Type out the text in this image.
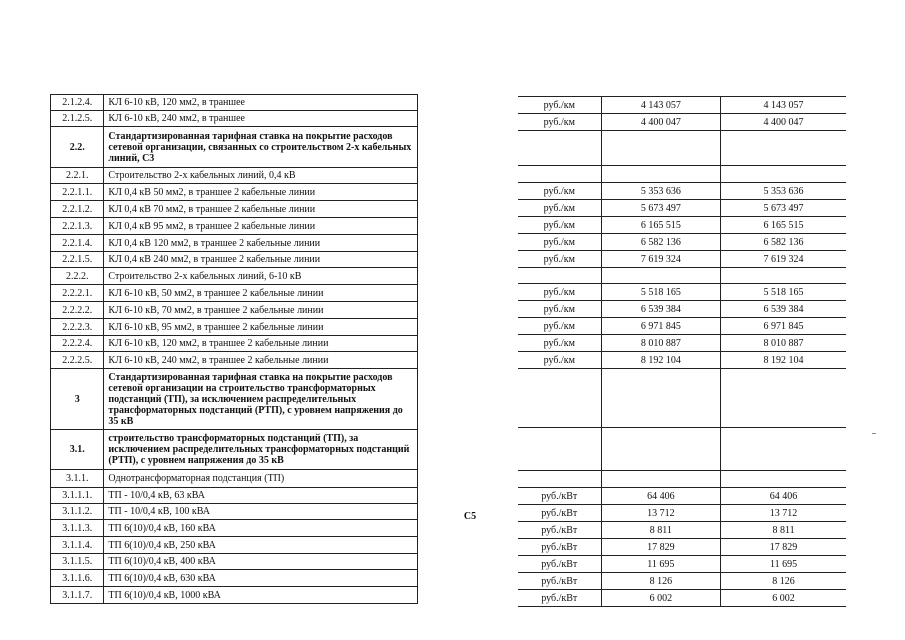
2.1.2.4.	КЛ 6-10 кВ, 120 мм2, в траншее
2.1.2.5.	КЛ 6-10 кВ, 240 мм2, в траншее
2.2.	Стандартизированная тарифная ставка на покрытие расходов сетевой организации, связанных со строительством 2-х кабельных линий, С3
2.2.1.	Строительство 2-х кабельных линий, 0,4 кВ
2.2.1.1.	КЛ 0,4 кВ 50 мм2, в траншее 2 кабельные линии
2.2.1.2.	КЛ 0,4 кВ 70 мм2, в траншее 2 кабельные линии
2.2.1.3.	КЛ 0,4 кВ 95 мм2, в траншее 2 кабельные линии
2.2.1.4.	КЛ 0,4 кВ 120 мм2, в траншее 2 кабельные линии
2.2.1.5.	КЛ 0,4 кВ 240 мм2, в траншее 2 кабельные линии
2.2.2.	Строительство 2-х кабельных линий, 6-10 кВ
2.2.2.1.	КЛ 6-10 кВ, 50 мм2, в траншее 2 кабельные линии
2.2.2.2.	КЛ 6-10 кВ, 70 мм2, в траншее 2 кабельные линии
2.2.2.3.	КЛ 6-10 кВ, 95 мм2, в траншее 2 кабельные линии
2.2.2.4.	КЛ 6-10 кВ, 120 мм2, в траншее 2 кабельные линии
2.2.2.5.	КЛ 6-10 кВ, 240 мм2, в траншее 2 кабельные линии
3	Стандартизированная тарифная ставка на покрытие расходов сетевой организации на строительство трансформаторных подстанций (ТП), за исключением распределительных трансформаторных подстанций (РТП), с уровнем напряжения до 35 кВ
3.1.	строительство трансформаторных подстанций (ТП), за исключением распределительных трансформаторных подстанций (РТП), с уровнем напряжения до 35 кВ
3.1.1.	Однотрансформаторная подстанция (ТП)
3.1.1.1.	ТП - 10/0,4 кВ, 63 кВА
3.1.1.2.	ТП - 10/0,4 кВ, 100 кВА
3.1.1.3.	ТП 6(10)/0,4 кВ, 160 кВА
3.1.1.4.	ТП 6(10)/0,4 кВ, 250 кВА
3.1.1.5.	ТП 6(10)/0,4 кВ, 400 кВА
3.1.1.6.	ТП 6(10)/0,4 кВ, 630 кВА
3.1.1.7.	ТП 6(10)/0,4 кВ, 1000 кВА
С5
руб./км	4 143 057	4 143 057
руб./км	4 400 047	4 400 047

руб./км	5 353 636	5 353 636
руб./км	5 673 497	5 673 497
руб./км	6 165 515	6 165 515
руб./км	6 582 136	6 582 136
руб./км	7 619 324	7 619 324

руб./км	5 518 165	5 518 165
руб./км	6 539 384	6 539 384
руб./км	6 971 845	6 971 845
руб./км	8 010 887	8 010 887
руб./км	8 192 104	8 192 104

руб./кВт	64 406	64 406
руб./кВт	13 712	13 712
руб./кВт	8 811	8 811
руб./кВт	17 829	17 829
руб./кВт	11 695	11 695
руб./кВт	8 126	8 126
руб./кВт	6 002	6 002
